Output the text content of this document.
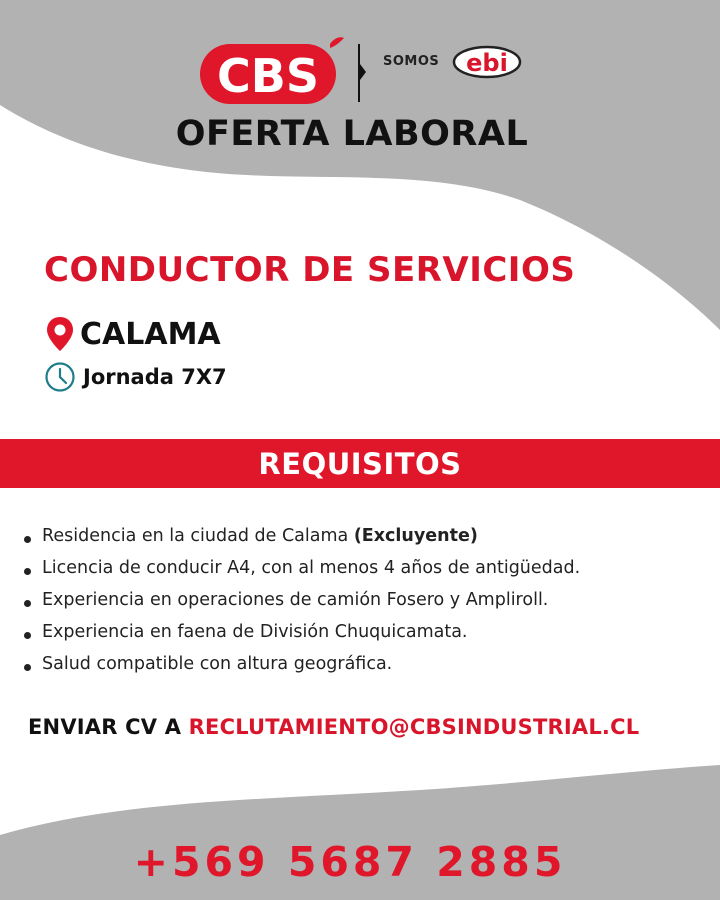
CBS	SOMOS ebi
OFERTA LABORAL
CONDUCTOR DE SERVICIOS
CALAMA
Jornada 7X7
REQUISITOS
Residencia en la ciudad de Calama (Excluyente)
Licencia de conducir A4, con al menos 4 años de antigüedad.
Experiencia en operaciones de camión Fosero y Ampliroll.
Experiencia en faena de División Chuquicamata.
Salud compatible con altura geográfica.
ENVIAR CV A RECLUTAMIENTO@CBSINDUSTRIAL.CL
+569 5687 2885
